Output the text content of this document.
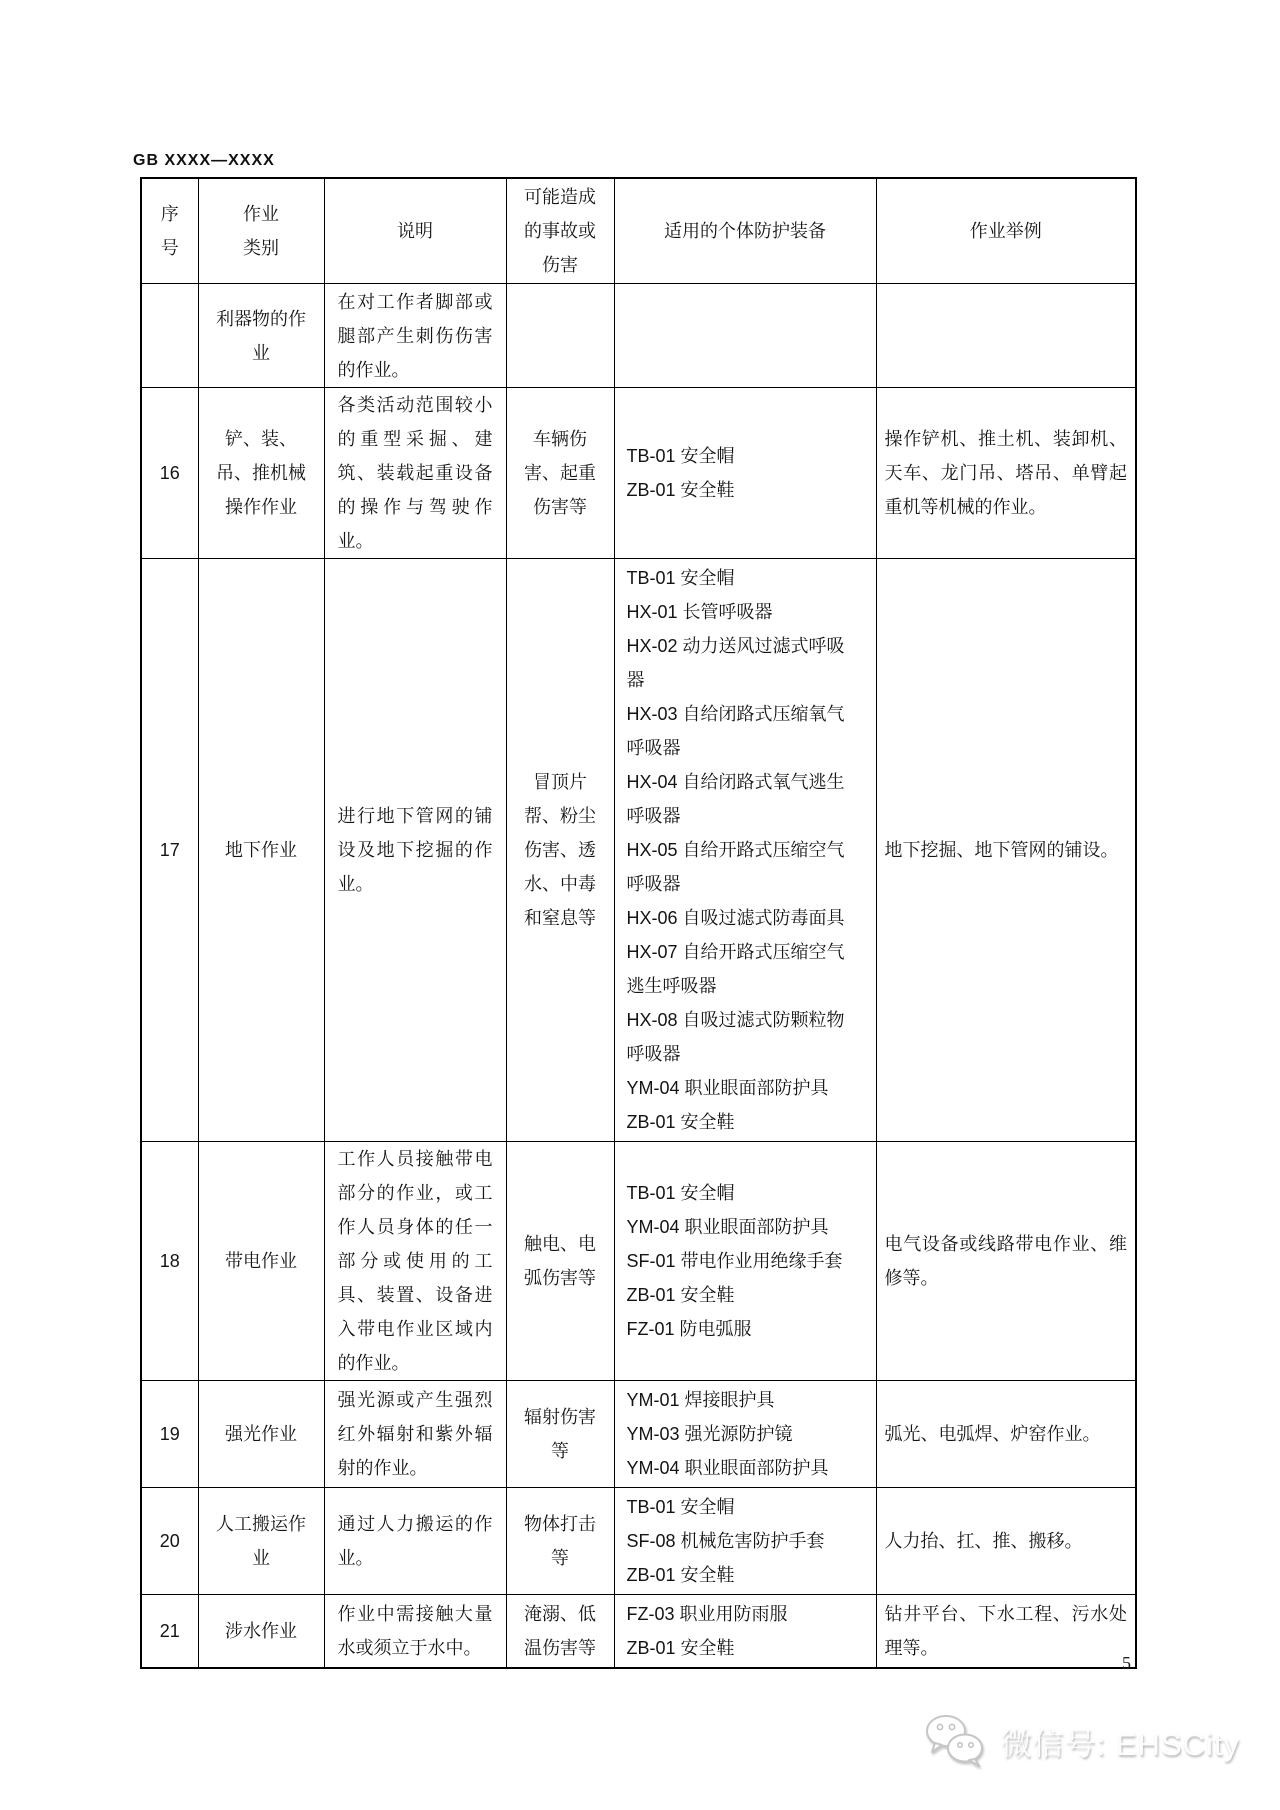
GB XXXX—XXXX
序号	作业类别	说明	可能造成的事故或伤害	适用的个体防护装备	作业举例
	利器物的作业	在对工作者脚部或腿部产生刺伤伤害的作业。			
16	铲、装、吊、推机械操作作业	各类活动范围较小的重型采掘、建筑、装载起重设备的操作与驾驶作业。	车辆伤害、起重伤害等	TB-01 安全帽
ZB-01 安全鞋	操作铲机、推土机、装卸机、天车、龙门吊、塔吊、单臂起重机等机械的作业。
17	地下作业	进行地下管网的铺设及地下挖掘的作业。	冒顶片帮、粉尘伤害、透水、中毒和窒息等	
TB-01 安全帽
HX-01 长管呼吸器
HX-02 动力送风过滤式呼吸器
HX-03 自给闭路式压缩氧气呼吸器
HX-04 自给闭路式氧气逃生呼吸器
HX-05 自给开路式压缩空气呼吸器
HX-06 自吸过滤式防毒面具
HX-07 自给开路式压缩空气逃生呼吸器
HX-08 自吸过滤式防颗粒物呼吸器
YM-04 职业眼面部防护具
ZB-01 安全鞋
	地下挖掘、地下管网的铺设。
18	带电作业	工作人员接触带电部分的作业，或工作人员身体的任一部分或使用的工具、装置、设备进入带电作业区域内的作业。	触电、电弧伤害等	TB-01 安全帽
YM-04 职业眼面部防护具
SF-01 带电作业用绝缘手套
ZB-01 安全鞋
FZ-01 防电弧服	电气设备或线路带电作业、维修等。
19	强光作业	强光源或产生强烈红外辐射和紫外辐射的作业。	辐射伤害等	YM-01 焊接眼护具
YM-03 强光源防护镜
YM-04 职业眼面部防护具	弧光、电弧焊、炉窑作业。
20	人工搬运作业	通过人力搬运的作业。	物体打击等	TB-01 安全帽
SF-08 机械危害防护手套
ZB-01 安全鞋	人力抬、扛、推、搬移。
21	涉水作业	作业中需接触大量水或须立于水中。	淹溺、低温伤害等	FZ-03 职业用防雨服
ZB-01 安全鞋	钻井平台、下水工程、污水处理等。
5
微信号: EHSCity
